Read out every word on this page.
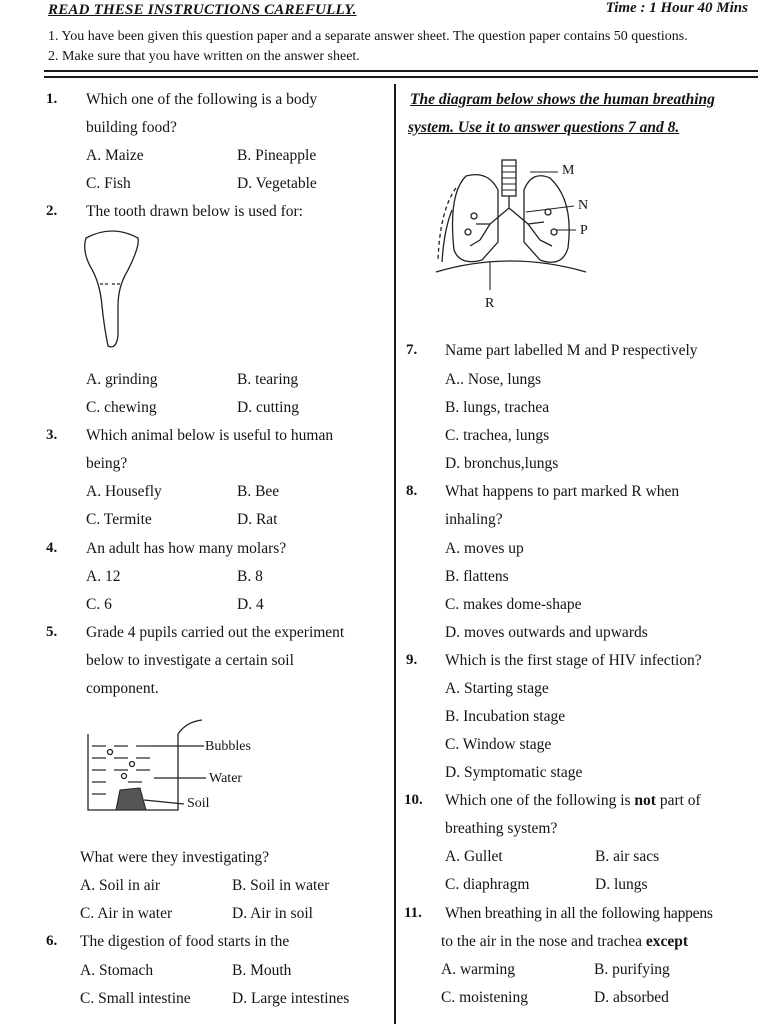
READ THESE INSTRUCTIONS CAREFULLY.	Time : 1 Hour 40 Mins
1. You have been given this question paper and a separate answer sheet. The question paper contains 50 questions.
2. Make sure that you have written on the answer sheet.
1. Which one of the following is a body
building food?
A. Maize	B. Pineapple
C. Fish	D. Vegetable
2. The tooth drawn below is used for:
A. grinding	B. tearing
C. chewing	D. cutting
3. Which animal below is useful to human
being?
A. Housefly	B. Bee
C. Termite	D. Rat
4. An adult has how many molars?
A. 12	B. 8
C. 6	D. 4
5. Grade 4 pupils carried out the experiment
below to investigate a certain soil
component.
Bubbles
Water
Soil
What were they investigating?
A. Soil in air	B. Soil in water
C. Air in water	D. Air in soil
6. The digestion of food starts in the
A. Stomach	B. Mouth
C. Small intestine	D. Large intestines
The diagram below shows the human breathing
system. Use it to answer questions 7 and 8.
M
N
P
R
7. Name part labelled M and P respectively
A.. Nose, lungs
B. lungs, trachea
C. trachea, lungs
D. bronchus,lungs
8. What happens to part marked R when
inhaling?
A. moves up
B. flattens
C. makes dome-shape
D. moves outwards and upwards
9. Which is the first stage of HIV infection?
A. Starting stage
B. Incubation stage
C. Window stage
D. Symptomatic stage
10. Which one of the following is not part of
breathing system?
A. Gullet	B. air sacs
C. diaphragm	D. lungs
11. When breathing in all the following happens
to the air in the nose and trachea except
A. warming	B. purifying
C. moistening	D. absorbed
